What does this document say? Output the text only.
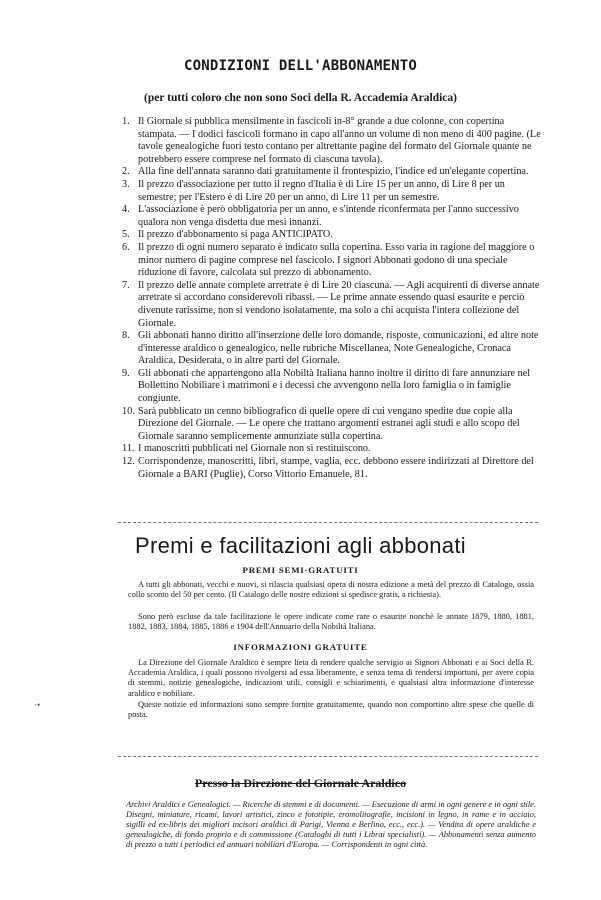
CONDIZIONI DELL'ABBONAMENTO
(per tutti coloro che non sono Soci della R. Accademia Araldica)
1. Il Giornale si pubblica mensilmente in fascicoli in-8° grande a due colonne, con copertina stampata. — I dodici fascicoli formano in capo all'anno un volume di non meno di 400 pagine. (Le tavole genealogiche fuori testo contano per altrettante pagine del formato del Giornale quante ne potrebbero essere comprese nel formato di ciascuna tavola).
2. Alla fine dell'annata saranno dati gratuitamente il frontespizio, l'indice ed un'elegante copertina.
3. Il prezzo d'associazione per tutto il regno d'Italia è di Lire 15 per un anno, di Lire 8 per un semestre; per l'Estero è di Lire 20 per un anno, di Lire 11 per un semestre.
4. L'associazione è però obbligatoria per un anno, e s'intende riconfermata per l'anno successivo qualora non venga disdetta due mesi innanzi.
5. Il prezzo d'abbonamento si paga ANTICIPATO.
6. Il prezzo di ogni numero separato è indicato sulla copertina. Esso varia in ragione del maggiore o minor numero di pagine comprese nel fascicolo. I signori Abbonati godono di una speciale riduzione di favore, calcolata sul prezzo di abbonamento.
7. Il prezzo delle annate complete arretrate è di Lire 20 ciascuna. — Agli acquirenti di diverse annate arretrate si accordano considerevoli ribassi. — Le prime annate essendo quasi esaurite e perciò divenute rarissime, non si vendono isolatamente, ma solo a chi acquista l'intera collezione del Giornale.
8. Gli abbonati hanno diritto all'inserzione delle loro domande, risposte, comunicazioni, ed altre note d'interesse araldico o genealogico, nelle rubriche Miscellanea, Note Genealogiche, Cronaca Araldica, Desiderata, o in altre parti del Giornale.
9. Gli abbonati che appartengono alla Nobiltà Italiana hanno inoltre il diritto di fare annunziare nel Bollettino Nobiliare i matrimoni e i decessi che avvengono nella loro famiglia o in famiglie congiunte.
10. Sarà pubblicato un cenno bibliografico di quelle opere di cui vengano spedite due copie alla Direzione del Giornale. — Le opere che trattano argomenti estranei agli studi e allo scopo del Giornale saranno semplicemente annunziate sulla copertina.
11. I manoscritti pubblicati nel Giornale non si restituiscono.
12. Corrispondenze, manoscritti, libri, stampe, vaglia, ecc. debbono essere indirizzati al Direttore del Giornale a BARI (Puglie), Corso Vittorio Emanuele, 81.
Premi e facilitazioni agli abbonati
PREMI SEMI-GRATUITI
A tutti gli abbonati, vecchi e nuovi, si rilascia qualsiasi opera di nostra edizione a metà del prezzo di Catalogo, ossia collo sconto del 50 per cento. (Il Catalogo delle nostre edizioni si spedisce gratis, a richiesta).
Sono però escluse da tale facilitazione le opere indicate come rare o esaurite nonchè le annate 1879, 1880, 1881, 1882, 1883, 1884, 1885, 1886 e 1904 dell'Annuario della Nobiltà Italiana.
INFORMAZIONI GRATUITE
La Direzione del Giornale Araldico è sempre lieta di rendere qualche servigio ai Signori Abbonati e ai Soci della R. Accademia Araldica, i quali possono rivolgersi ad essa liberamente, e senza tema di rendersi importuni, per avere copia di stemmi, notizie genealogiche, indicazioni utili, consigli e schiarimenti, e qualsiasi altra informazione d'interesse araldico e nobiliare.
Queste notizie ed informazioni sono sempre fornite gratuitamente, quando non comportino altre spese che quelle di posta.
·•
Presso la Direzione del Giornale Araldico
Archivi Araldici e Genealogici. — Ricerche di stemmi e di documenti. — Esecuzione di armi in ogni genere e in ogni stile. Disegni, miniature, ricami, lavori artistici, zinco e fototipie, eromolitografie, incisioni in legno, in rame e in acciaio, sigilli ed ex-libris dei migliori incisori araldici di Parigi, Vienna e Berlino, ecc., ecc.). — Vendita di opere araldiche e genealogiche, di fondo proprio e di commissione (Cataloghi di tutti i Librai specialisti). — Abbonamenti senza aumento di prezzo a tutti i periodici ed annuari nobiliari d'Europa. — Corrispondenti in ogni città.
